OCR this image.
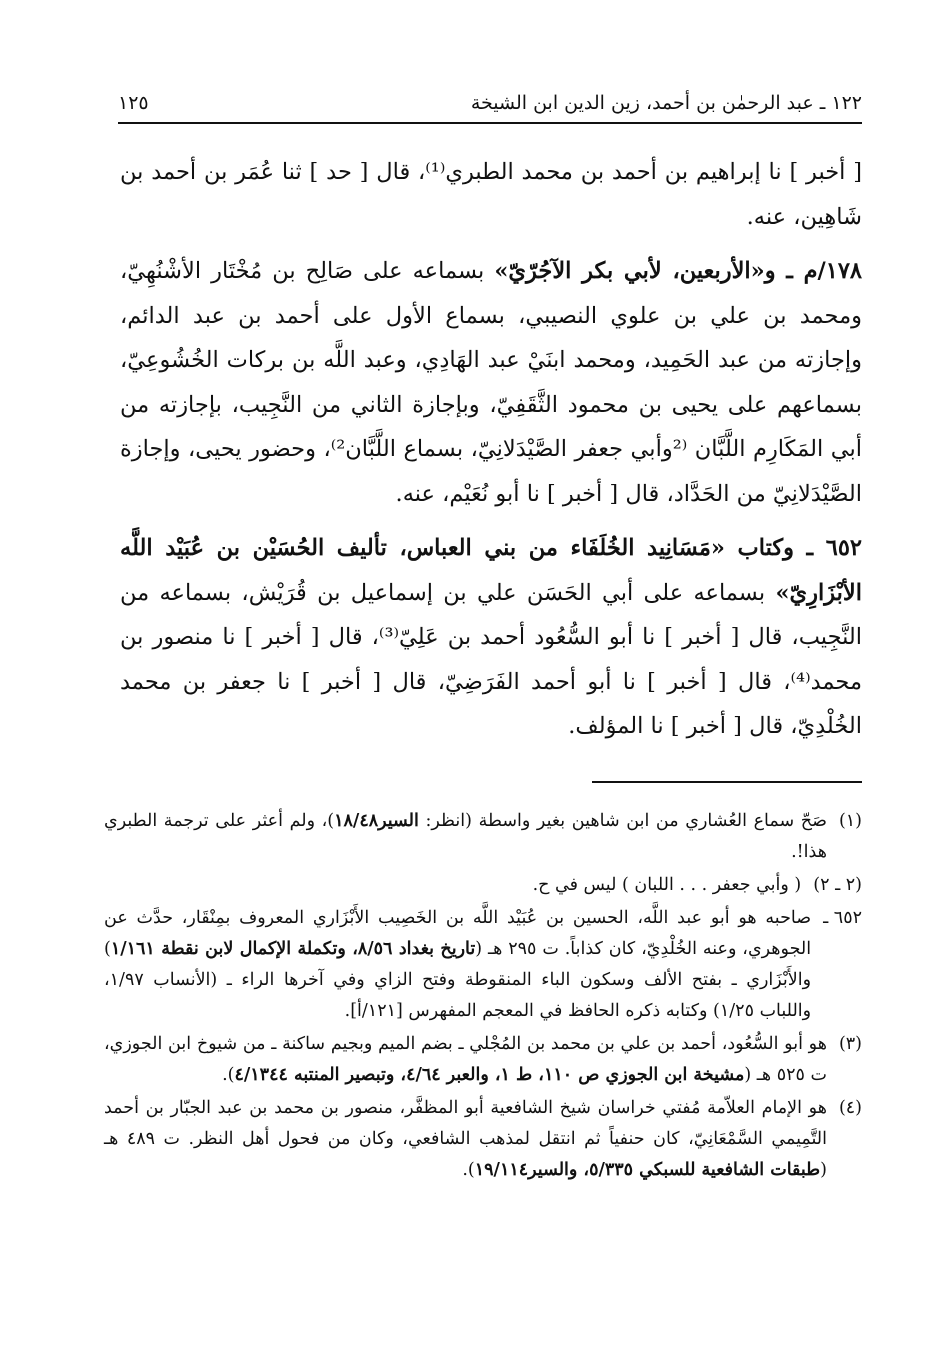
١٢٢ ـ عبد الرحمٰن بن أحمد، زين الدين ابن الشيخة
١٢٥

[ أخبر ] نا إبراهيم بن أحمد بن محمد الطبري⁽¹⁾، قال [ حد ] ثنا عُمَر بن أحمد بن شَاهِين، عنه.

١٧٨/م ـ و«الأربعين، لأبي بكر الآجُرّيّ» بسماعه على صَالِح بن مُخْتَار الأشْنُهِيّ، ومحمد بن علي بن علوي النصيبي، بسماع الأول على أحمد بن عبد الدائم، وإجازته من عبد الحَمِيد، ومحمد ابنَيْ عبد الهَادِي، وعبد اللَّه بن بركات الخُشُوعِيّ، بسماعهم على يحيى بن محمود الثَّقَفِيّ، وبإجازة الثاني من النَّجِيب، بإجازته من أبي المَكَارِم اللَّبَّان ⁽²وأبي جعفر الصَّيْدَلانِيّ، بسماع اللَّبَّان²⁾، وحضور يحيى، وإجازة الصَّيْدَلانِيّ من الحَدَّاد، قال [ أخبر ] نا أبو نُعَيْم، عنه.

٦٥٢ ـ وكتاب «مَسَانِيد الخُلَفَاء من بني العباس، تأليف الحُسَيْن بن عُبَيْد اللَّه الأبْزَارِيّ» بسماعه على أبي الحَسَن علي بن إسماعيل بن قُرَيْش، بسماعه من النَّجِيب، قال [ أخبر ] نا أبو السُّعُود أحمد بن عَلِيّ⁽³⁾، قال [ أخبر ] نا منصور بن محمد⁽⁴⁾، قال [ أخبر ] نا أبو أحمد الفَرَضِيّ، قال [ أخبر ] نا جعفر بن محمد الخُلْدِيّ، قال [ أخبر ] نا المؤلف.

(١)
صَحّ سماع العُشاري من ابن شاهين بغير واسطة (انظر: السير١٨/٤٨)، ولم أعثر على ترجمة الطبري هذا!.
(٢ ـ ٢)
( وأبي جعفر . . . اللبان ) ليس في ح.
٦٥٢ ـ
صاحبه هو أبو عبد اللَّه، الحسين بن عُبَيْد اللَّه بن الخَصِيب الأَبْزَاري المعروف بمِنْقَار، حدَّث عن الجوهري، وعنه الخُلْدِيّ، كان كذاباً. ت ٢٩٥ هـ (تاريخ بغداد ٨/٥٦، وتكملة الإكمال لابن نقطة ١/١٦١) والأَبْزَاري ـ بفتح الألف وسكون الباء المنقوطة وفتح الزاي وفي آخرها الراء ـ (الأنساب ١/٩٧، واللباب ١/٢٥) وكتابه ذكره الحافظ في المعجم المفهرس [١٢١/أ].
(٣)
هو أبو السُّعُود، أحمد بن علي بن محمد بن المُجْلي ـ بضم الميم وبجيم ساكنة ـ من شيوخ ابن الجوزي، ت ٥٢٥ هـ (مشيخة ابن الجوزي ص ١١٠، ط ١، والعبر ٤/٦٤، وتبصير المنتبه ٤/١٣٤٤).
(٤)
هو الإمام العلاّمة مُفتي خراسان شيخ الشافعية أبو المظفَّر، منصور بن محمد بن عبد الجبّار بن أحمد التَّمِيمي السَّمْعَانِيّ، كان حنفياً ثم انتقل لمذهب الشافعي، وكان من فحول أهل النظر. ت ٤٨٩ هـ (طبقات الشافعية للسبكي ٥/٣٣٥، والسير١٩/١١٤).
